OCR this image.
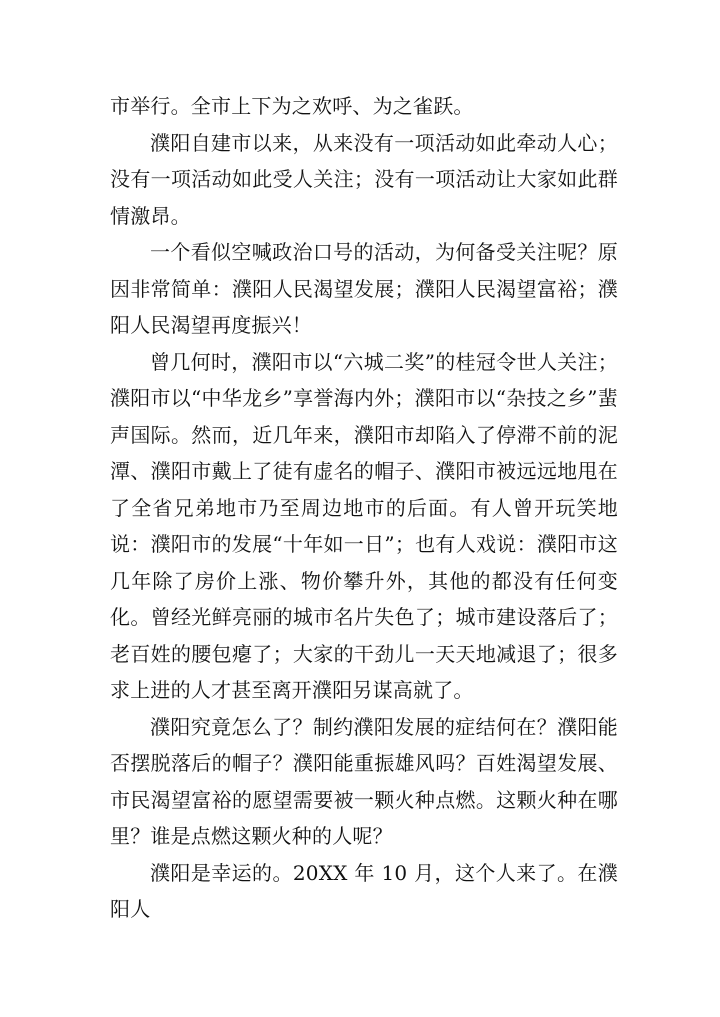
市举行。全市上下为之欢呼、为之雀跃。

濮阳自建市以来，从来没有一项活动如此牵动人心；没有一项活动如此受人关注；没有一项活动让大家如此群情激昂。

一个看似空喊政治口号的活动，为何备受关注呢？原因非常简单：濮阳人民渴望发展；濮阳人民渴望富裕；濮阳人民渴望再度振兴！

曾几何时，濮阳市以“六城二奖”的桂冠令世人关注；濮阳市以“中华龙乡”享誉海内外；濮阳市以“杂技之乡”蜚声国际。然而，近几年来，濮阳市却陷入了停滞不前的泥潭、濮阳市戴上了徒有虚名的帽子、濮阳市被远远地甩在了全省兄弟地市乃至周边地市的后面。有人曾开玩笑地说：濮阳市的发展“十年如一日”；也有人戏说：濮阳市这几年除了房价上涨、物价攀升外，其他的都没有任何变化。曾经光鲜亮丽的城市名片失色了；城市建设落后了；老百姓的腰包瘪了；大家的干劲儿一天天地减退了；很多求上进的人才甚至离开濮阳另谋高就了。

濮阳究竟怎么了？制约濮阳发展的症结何在？濮阳能否摆脱落后的帽子？濮阳能重振雄风吗？百姓渴望发展、市民渴望富裕的愿望需要被一颗火种点燃。这颗火种在哪里？谁是点燃这颗火种的人呢？

濮阳是幸运的。20XX 年 10 月，这个人来了。在濮阳人
